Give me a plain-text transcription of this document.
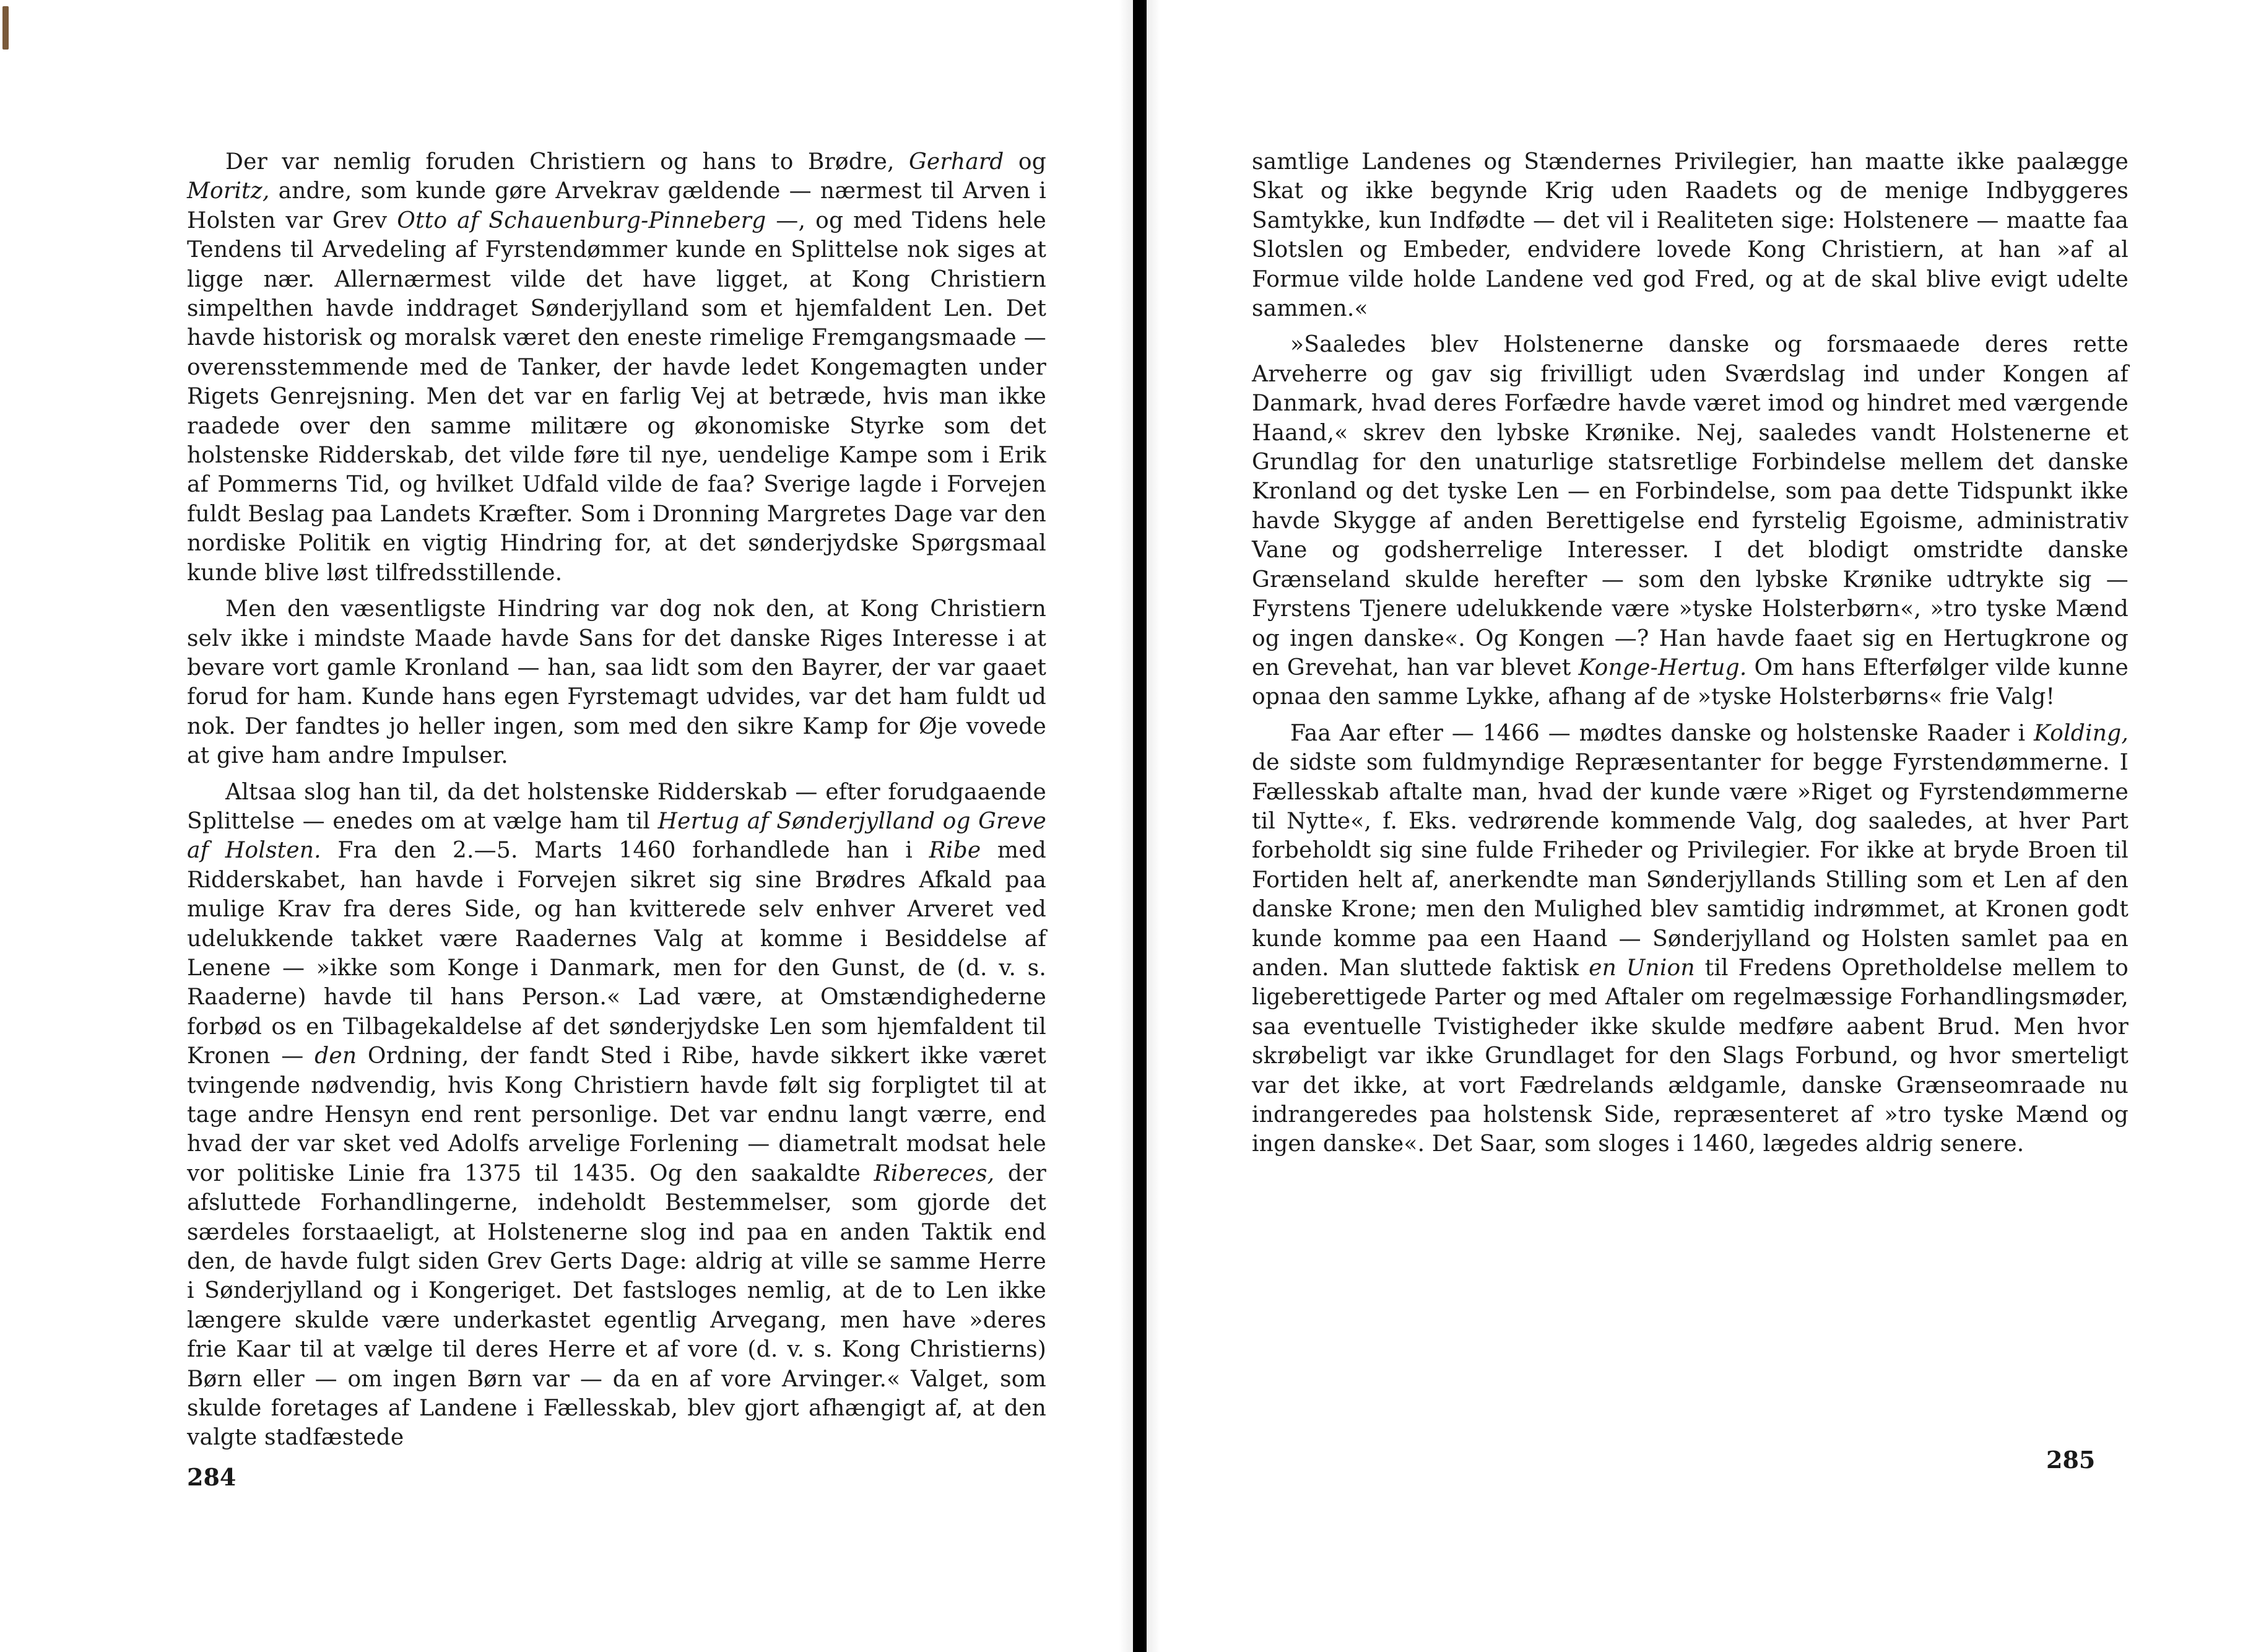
Der var nemlig foruden Christiern og hans to Brødre, Gerhard og Moritz, andre, som kunde gøre Arvekrav gældende — nærmest til Arven i Holsten var Grev Otto af Schauenburg-Pinneberg —, og med Tidens hele Tendens til Arvedeling af Fyrstendømmer kunde en Splittelse nok siges at ligge nær. Allernærmest vilde det have ligget, at Kong Christiern simpelthen havde inddraget Sønderjylland som et hjemfaldent Len. Det havde historisk og moralsk været den eneste rimelige Fremgangsmaade — overensstemmende med de Tanker, der havde ledet Kongemagten under Rigets Genrejsning. Men det var en farlig Vej at betræde, hvis man ikke raadede over den samme militære og økonomiske Styrke som det holstenske Ridderskab, det vilde føre til nye, uendelige Kampe som i Erik af Pommerns Tid, og hvilket Udfald vilde de faa? Sverige lagde i Forvejen fuldt Beslag paa Landets Kræfter. Som i Dronning Margretes Dage var den nordiske Politik en vigtig Hindring for, at det sønderjydske Spørgsmaal kunde blive løst tilfredsstillende.

Men den væsentligste Hindring var dog nok den, at Kong Christiern selv ikke i mindste Maade havde Sans for det danske Riges Interesse i at bevare vort gamle Kronland — han, saa lidt som den Bayrer, der var gaaet forud for ham. Kunde hans egen Fyrstemagt udvides, var det ham fuldt ud nok. Der fandtes jo heller ingen, som med den sikre Kamp for Øje vovede at give ham andre Impulser.

Altsaa slog han til, da det holstenske Ridderskab — efter forudgaaende Splittelse — enedes om at vælge ham til Hertug af Sønderjylland og Greve af Holsten. Fra den 2.—5. Marts 1460 forhandlede han i Ribe med Ridderskabet, han havde i Forvejen sikret sig sine Brødres Afkald paa mulige Krav fra deres Side, og han kvitterede selv enhver Arveret ved udelukkende takket være Raadernes Valg at komme i Besiddelse af Lenene — »ikke som Konge i Danmark, men for den Gunst, de (d. v. s. Raaderne) havde til hans Person.« Lad være, at Omstændighederne forbød os en Tilbagekaldelse af det sønderjydske Len som hjemfaldent til Kronen — den Ordning, der fandt Sted i Ribe, havde sikkert ikke været tvingende nødvendig, hvis Kong Christiern havde følt sig forpligtet til at tage andre Hensyn end rent personlige. Det var endnu langt værre, end hvad der var sket ved Adolfs arvelige Forlening — diametralt modsat hele vor politiske Linie fra 1375 til 1435. Og den saakaldte Ribereces, der afsluttede Forhandlingerne, indeholdt Bestemmelser, som gjorde det særdeles forstaaeligt, at Holstenerne slog ind paa en anden Taktik end den, de havde fulgt siden Grev Gerts Dage: aldrig at ville se samme Herre i Sønderjylland og i Kongeriget. Det fastsloges nemlig, at de to Len ikke længere skulde være underkastet egentlig Arvegang, men have »deres frie Kaar til at vælge til deres Herre et af vore (d. v. s. Kong Christierns) Børn eller — om ingen Børn var — da en af vore Arvinger.« Valget, som skulde foretages af Landene i Fællesskab, blev gjort afhængigt af, at den valgte stadfæstede

284

samtlige Landenes og Stændernes Privilegier, han maatte ikke paalægge Skat og ikke begynde Krig uden Raadets og de menige Indbyggeres Samtykke, kun Indfødte — det vil i Realiteten sige: Holstenere — maatte faa Slotslen og Embeder, endvidere lovede Kong Christiern, at han »af al Formue vilde holde Landene ved god Fred, og at de skal blive evigt udelte sammen.«

»Saaledes blev Holstenerne danske og forsmaaede deres rette Arveherre og gav sig frivilligt uden Sværdslag ind under Kongen af Danmark, hvad deres Forfædre havde været imod og hindret med værgende Haand,« skrev den lybske Krønike. Nej, saaledes vandt Holstenerne et Grundlag for den unaturlige statsretlige Forbindelse mellem det danske Kronland og det tyske Len — en Forbindelse, som paa dette Tidspunkt ikke havde Skygge af anden Berettigelse end fyrstelig Egoisme, administrativ Vane og godsherrelige Interesser. I det blodigt omstridte danske Grænseland skulde herefter — som den lybske Krønike udtrykte sig — Fyrstens Tjenere udelukkende være »tyske Holsterbørn«, »tro tyske Mænd og ingen danske«. Og Kongen —? Han havde faaet sig en Hertugkrone og en Grevehat, han var blevet Konge-Hertug. Om hans Efterfølger vilde kunne opnaa den samme Lykke, afhang af de »tyske Holsterbørns« frie Valg!

Faa Aar efter — 1466 — mødtes danske og holstenske Raader i Kolding, de sidste som fuldmyndige Repræsentanter for begge Fyrstendømmerne. I Fællesskab aftalte man, hvad der kunde være »Riget og Fyrstendømmerne til Nytte«, f. Eks. vedrørende kommende Valg, dog saaledes, at hver Part forbeholdt sig sine fulde Friheder og Privilegier. For ikke at bryde Broen til Fortiden helt af, anerkendte man Sønderjyllands Stilling som et Len af den danske Krone; men den Mulighed blev samtidig indrømmet, at Kronen godt kunde komme paa een Haand — Sønderjylland og Holsten samlet paa en anden. Man sluttede faktisk en Union til Fredens Opretholdelse mellem to ligeberettigede Parter og med Aftaler om regelmæssige Forhandlingsmøder, saa eventuelle Tvistigheder ikke skulde medføre aabent Brud. Men hvor skrøbeligt var ikke Grundlaget for den Slags Forbund, og hvor smerteligt var det ikke, at vort Fædrelands ældgamle, danske Grænseomraade nu indrangeredes paa holstensk Side, repræsenteret af »tro tyske Mænd og ingen danske«. Det Saar, som sloges i 1460, lægedes aldrig senere.

285
